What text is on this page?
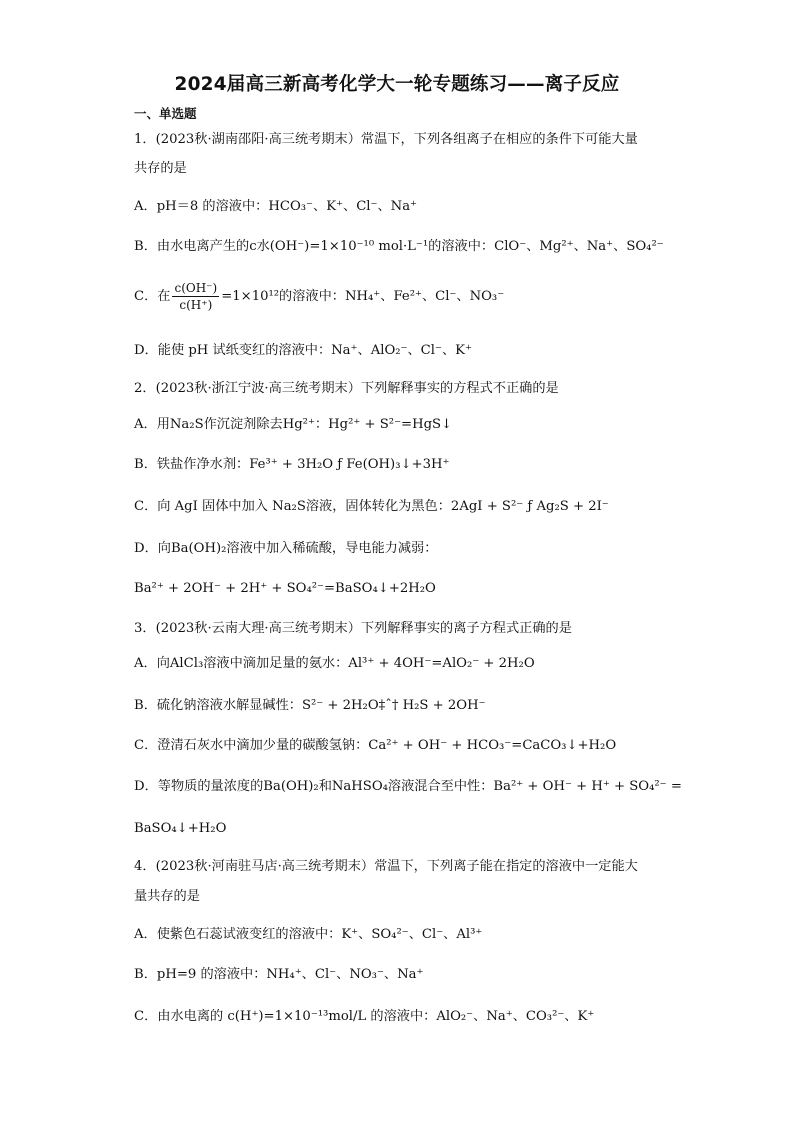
2024届高三新高考化学大一轮专题练习——离子反应
一、单选题
1．(2023秋·湖南邵阳·高三统考期末）常温下，下列各组离子在相应的条件下可能大量
共存的是
A．pH＝8 的溶液中：HCO₃⁻、K⁺、Cl⁻、Na⁺
B．由水电离产生的c水(OH⁻)=1×10⁻¹⁰ mol·L⁻¹的溶液中：ClO⁻、Mg²⁺、Na⁺、SO₄²⁻
C．在 $\frac{c(OH^-)}{c(H^+)} =1\times 10^{12}$的溶液中：NH₄⁺、Fe²⁺、Cl⁻、NO₃⁻
D．能使 pH 试纸变红的溶液中：Na⁺、AlO₂⁻、Cl⁻、K⁺
2．(2023秋·浙江宁波·高三统考期末）下列解释事实的方程式不正确的是
A．用Na₂S作沉淀剂除去Hg²⁺：Hg²⁺ + S²⁻=HgS↓
B．铁盐作净水剂：Fe³⁺ + 3H₂O ƒ Fe(OH)₃↓+3H⁺
C．向 AgI 固体中加入 Na₂S溶液，固体转化为黑色：2AgI + S²⁻ ƒ Ag₂S + 2I⁻
D．向Ba(OH)₂溶液中加入稀硫酸，导电能力减弱：
Ba²⁺ + 2OH⁻ + 2H⁺ + SO₄²⁻=BaSO₄↓+2H₂O
3．(2023秋·云南大理·高三统考期末）下列解释事实的离子方程式正确的是
A．向AlCl₃溶液中滴加足量的氨水：Al³⁺ + 4OH⁻=AlO₂⁻ + 2H₂O
B．硫化钠溶液水解显碱性：S²⁻ + 2H₂O‡ˆ† H₂S + 2OH⁻
C．澄清石灰水中滴加少量的碳酸氢钠：Ca²⁺ + OH⁻ + HCO₃⁻=CaCO₃↓+H₂O
D．等物质的量浓度的Ba(OH)₂和NaHSO₄溶液混合至中性：Ba²⁺ + OH⁻ + H⁺ + SO₄²⁻ =
BaSO₄↓+H₂O
4．(2023秋·河南驻马店·高三统考期末）常温下，下列离子能在指定的溶液中一定能大
量共存的是
A．使紫色石蕊试液变红的溶液中：K⁺、SO₄²⁻、Cl⁻、Al³⁺
B．pH=9 的溶液中：NH₄⁺、Cl⁻、NO₃⁻、Na⁺
C．由水电离的 c(H⁺)=1×10⁻¹³mol/L 的溶液中：AlO₂⁻、Na⁺、CO₃²⁻、K⁺
